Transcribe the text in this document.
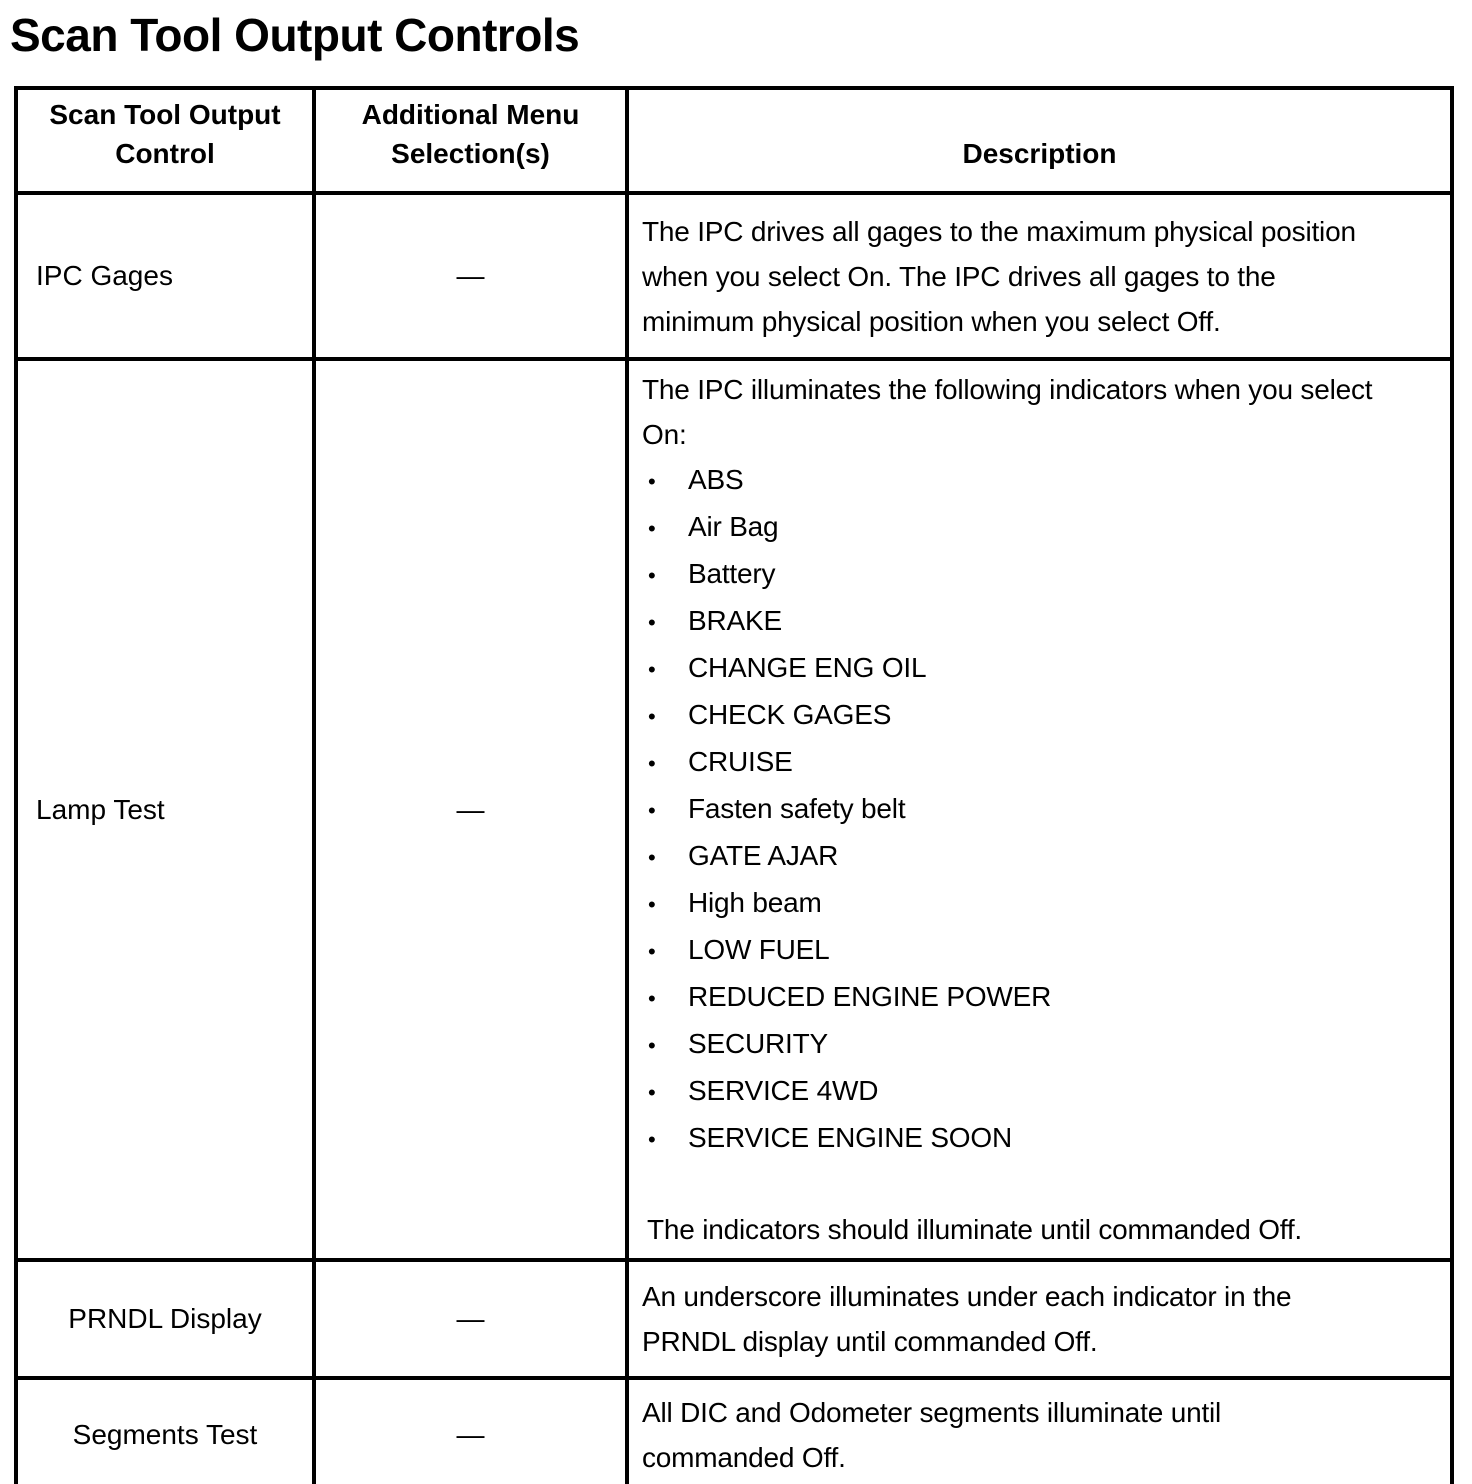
Scan Tool Output Controls
Scan Tool Output Control	Additional Menu Selection(s)	Description
IPC Gages	—	The IPC drives all gages to the maximum physical position
when you select On. The IPC drives all gages to the
minimum physical position when you select Off.

Lamp Test	—	
The IPC illuminates the following indicators when you select
On:
•	ABS
•	Air Bag
•	Battery
•	BRAKE
•	CHANGE ENG OIL
•	CHECK GAGES
•	CRUISE
•	Fasten safety belt
•	GATE AJAR
•	High beam
•	LOW FUEL
•	REDUCED ENGINE POWER
•	SECURITY
•	SERVICE 4WD
•	SERVICE ENGINE SOON
The indicators should illuminate until commanded Off.

PRNDL Display	—	An underscore illuminates under each indicator in the
PRNDL display until commanded Off.

Segments Test	—	All DIC and Odometer segments illuminate until
commanded Off.
